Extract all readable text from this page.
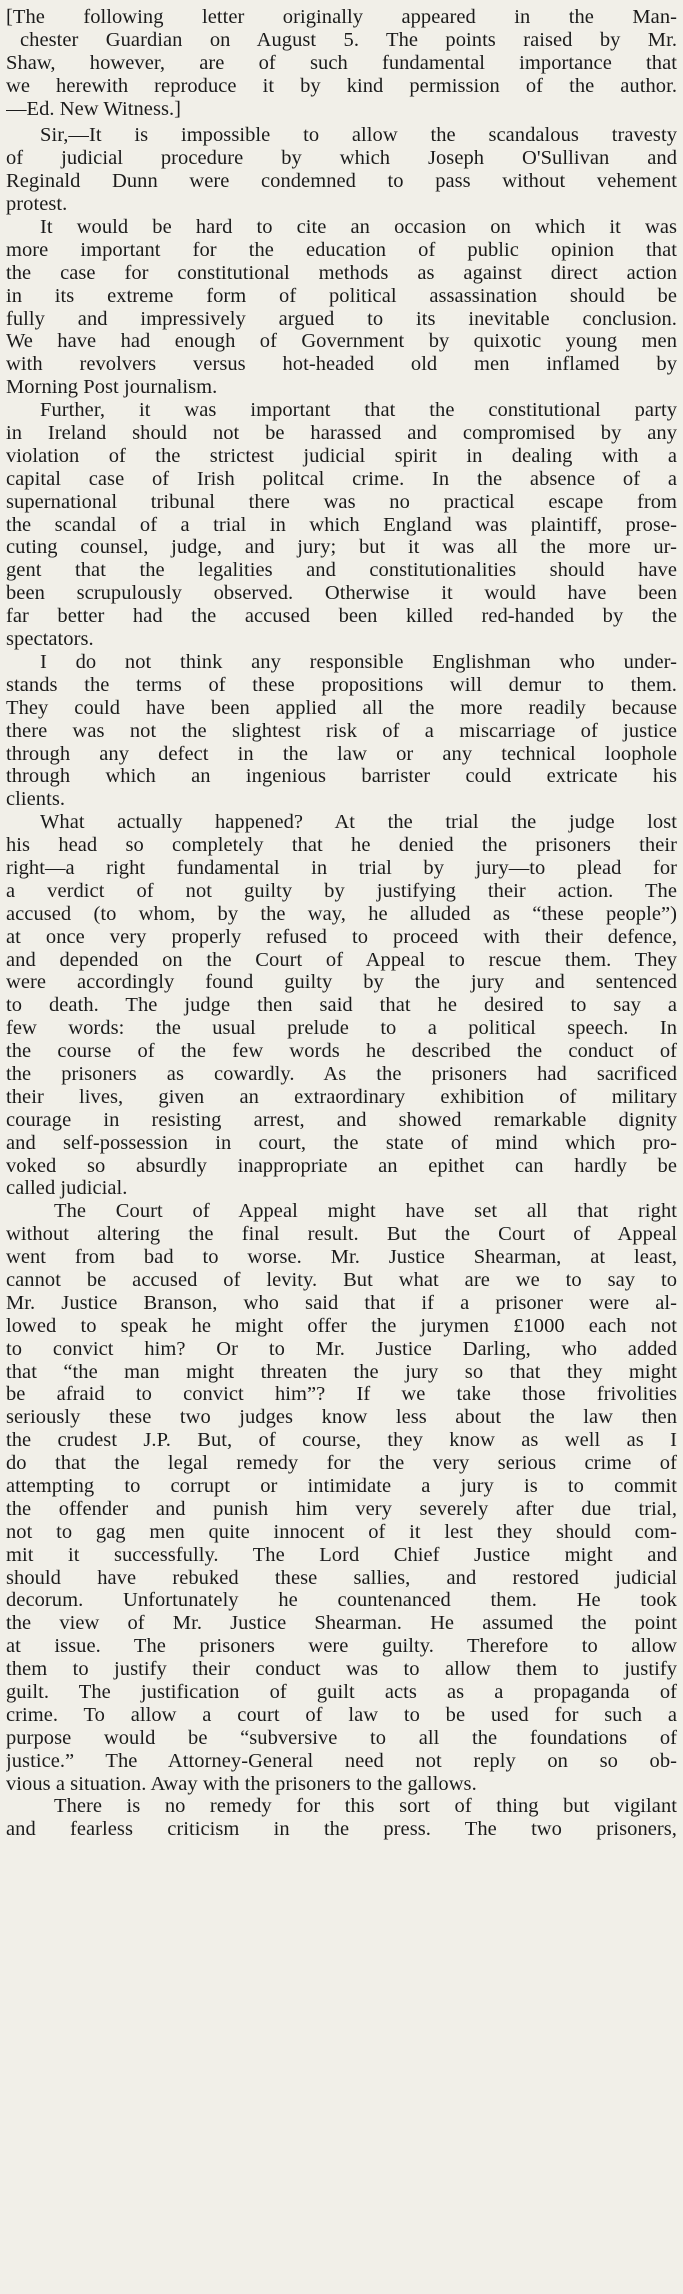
[The following letter originally appeared in the Man-
chester Guardian on August 5. The points raised by Mr.
Shaw, however, are of such fundamental importance that
we herewith reproduce it by kind permission of the author.
—Ed. New Witness.]
Sir,—It is impossible to allow the scandalous travesty
of judicial procedure by which Joseph O'Sullivan and
Reginald Dunn were condemned to pass without vehement
protest.
It would be hard to cite an occasion on which it was
more important for the education of public opinion that
the case for constitutional methods as against direct action
in its extreme form of political assassination should be
fully and impressively argued to its inevitable conclusion.
We have had enough of Government by quixotic young men
with revolvers versus hot-headed old men inflamed by
Morning Post journalism.
Further, it was important that the constitutional party
in Ireland should not be harassed and compromised by any
violation of the strictest judicial spirit in dealing with a
capital case of Irish politcal crime. In the absence of a
supernational tribunal there was no practical escape from
the scandal of a trial in which England was plaintiff, prose-
cuting counsel, judge, and jury; but it was all the more ur-
gent that the legalities and constitutionalities should have
been scrupulously observed. Otherwise it would have been
far better had the accused been killed red-handed by the
spectators.
I do not think any responsible Englishman who under-
stands the terms of these propositions will demur to them.
They could have been applied all the more readily because
there was not the slightest risk of a miscarriage of justice
through any defect in the law or any technical loophole
through which an ingenious barrister could extricate his
clients.
What actually happened? At the trial the judge lost
his head so completely that he denied the prisoners their
right—a right fundamental in trial by jury—to plead for
a verdict of not guilty by justifying their action. The
accused (to whom, by the way, he alluded as “these people”)
at once very properly refused to proceed with their defence,
and depended on the Court of Appeal to rescue them. They
were accordingly found guilty by the jury and sentenced
to death. The judge then said that he desired to say a
few words: the usual prelude to a political speech. In
the course of the few words he described the conduct of
the prisoners as cowardly. As the prisoners had sacrificed
their lives, given an extraordinary exhibition of military
courage in resisting arrest, and showed remarkable dignity
and self-possession in court, the state of mind which pro-
voked so absurdly inappropriate an epithet can hardly be
called judicial.
The Court of Appeal might have set all that right
without altering the final result. But the Court of Appeal
went from bad to worse. Mr. Justice Shearman, at least,
cannot be accused of levity. But what are we to say to
Mr. Justice Branson, who said that if a prisoner were al-
lowed to speak he might offer the jurymen £1000 each not
to convict him? Or to Mr. Justice Darling, who added
that “the man might threaten the jury so that they might
be afraid to convict him”? If we take those frivolities
seriously these two judges know less about the law then
the crudest J.P. But, of course, they know as well as I
do that the legal remedy for the very serious crime of
attempting to corrupt or intimidate a jury is to commit
the offender and punish him very severely after due trial,
not to gag men quite innocent of it lest they should com-
mit it successfully. The Lord Chief Justice might and
should have rebuked these sallies, and restored judicial
decorum. Unfortunately he countenanced them. He took
the view of Mr. Justice Shearman. He assumed the point
at issue. The prisoners were guilty. Therefore to allow
them to justify their conduct was to allow them to justify
guilt. The justification of guilt acts as a propaganda of
crime. To allow a court of law to be used for such a
purpose would be “subversive to all the foundations of
justice.” The Attorney-General need not reply on so ob-
vious a situation. Away with the prisoners to the gallows.
There is no remedy for this sort of thing but vigilant
and fearless criticism in the press. The two prisoners,
